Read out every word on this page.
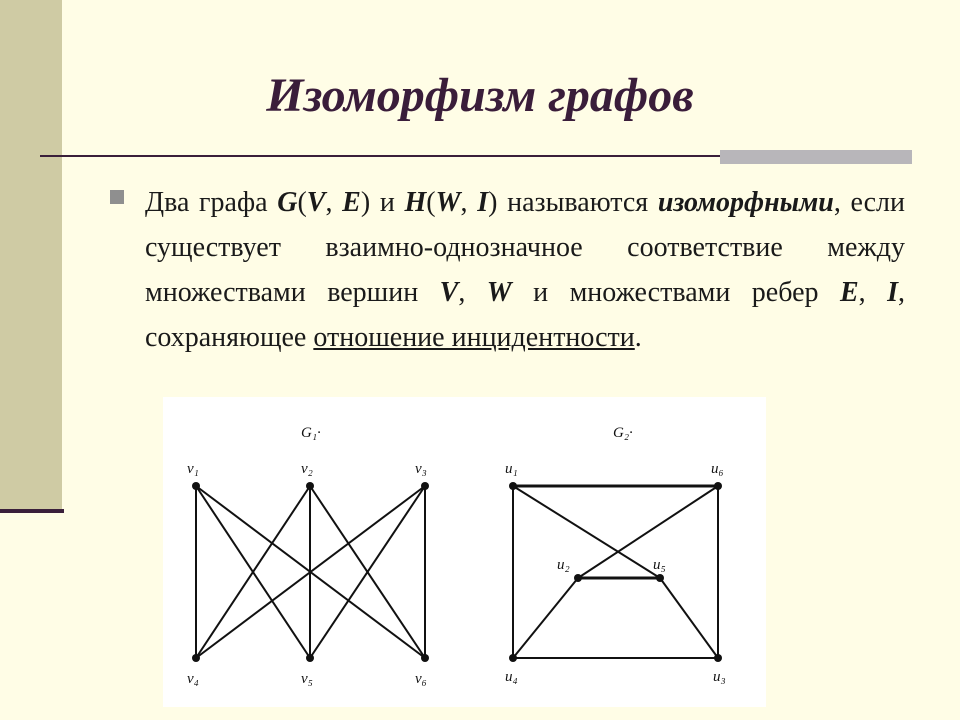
Изоморфизм графов
Два графа G(V, E) и H(W, I) называются изоморфными, если существует взаимно-однозначное соответствие между множествами вершин V, W и множествами ребер E, I, сохраняющее отношение инцидентности.
G₁·
v₁	v₂	v₃
v₄	v₅	v₆
G₂·
u₁	u₆
u₂	u₅
u₄	u₃
